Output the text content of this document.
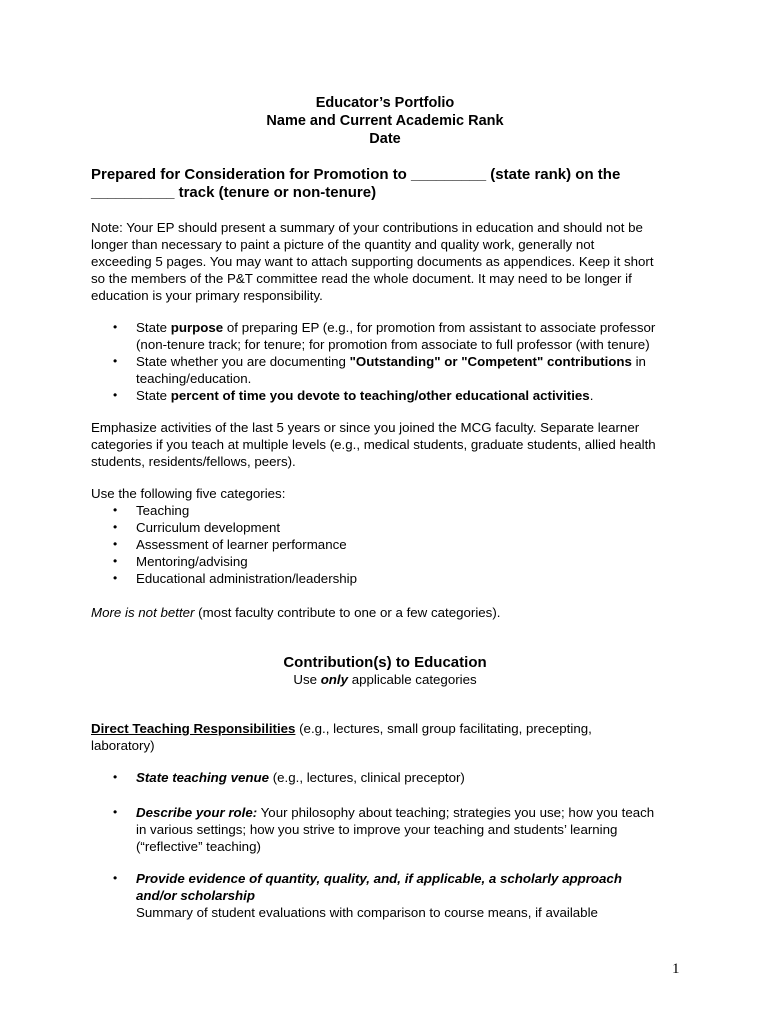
Educator’s Portfolio
Name and Current Academic Rank
Date
Prepared for Consideration for Promotion to _________ (state rank) on the
__________ track (tenure or non-tenure)
Note: Your EP should present a summary of your contributions in education and should not be
longer than necessary to paint a picture of the quantity and quality work, generally not
exceeding 5 pages. You may want to attach supporting documents as appendices. Keep it short
so the members of the P&T committee read the whole document. It may need to be longer if
education is your primary responsibility.
• State purpose of preparing EP (e.g., for promotion from assistant to associate professor
(non-tenure track; for tenure; for promotion from associate to full professor (with tenure)
• State whether you are documenting "Outstanding" or "Competent" contributions in
teaching/education.
• State percent of time you devote to teaching/other educational activities.
Emphasize activities of the last 5 years or since you joined the MCG faculty. Separate learner
categories if you teach at multiple levels (e.g., medical students, graduate students, allied health
students, residents/fellows, peers).
Use the following five categories:
• Teaching
• Curriculum development
• Assessment of learner performance
• Mentoring/advising
• Educational administration/leadership
More is not better (most faculty contribute to one or a few categories).
Contribution(s) to Education
Use only applicable categories
Direct Teaching Responsibilities (e.g., lectures, small group facilitating, precepting,
laboratory)
• State teaching venue (e.g., lectures, clinical preceptor)
• Describe your role: Your philosophy about teaching; strategies you use; how you teach
in various settings; how you strive to improve your teaching and students’ learning
(“reflective” teaching)
• Provide evidence of quantity, quality, and, if applicable, a scholarly approach
and/or scholarship
Summary of student evaluations with comparison to course means, if available
1
